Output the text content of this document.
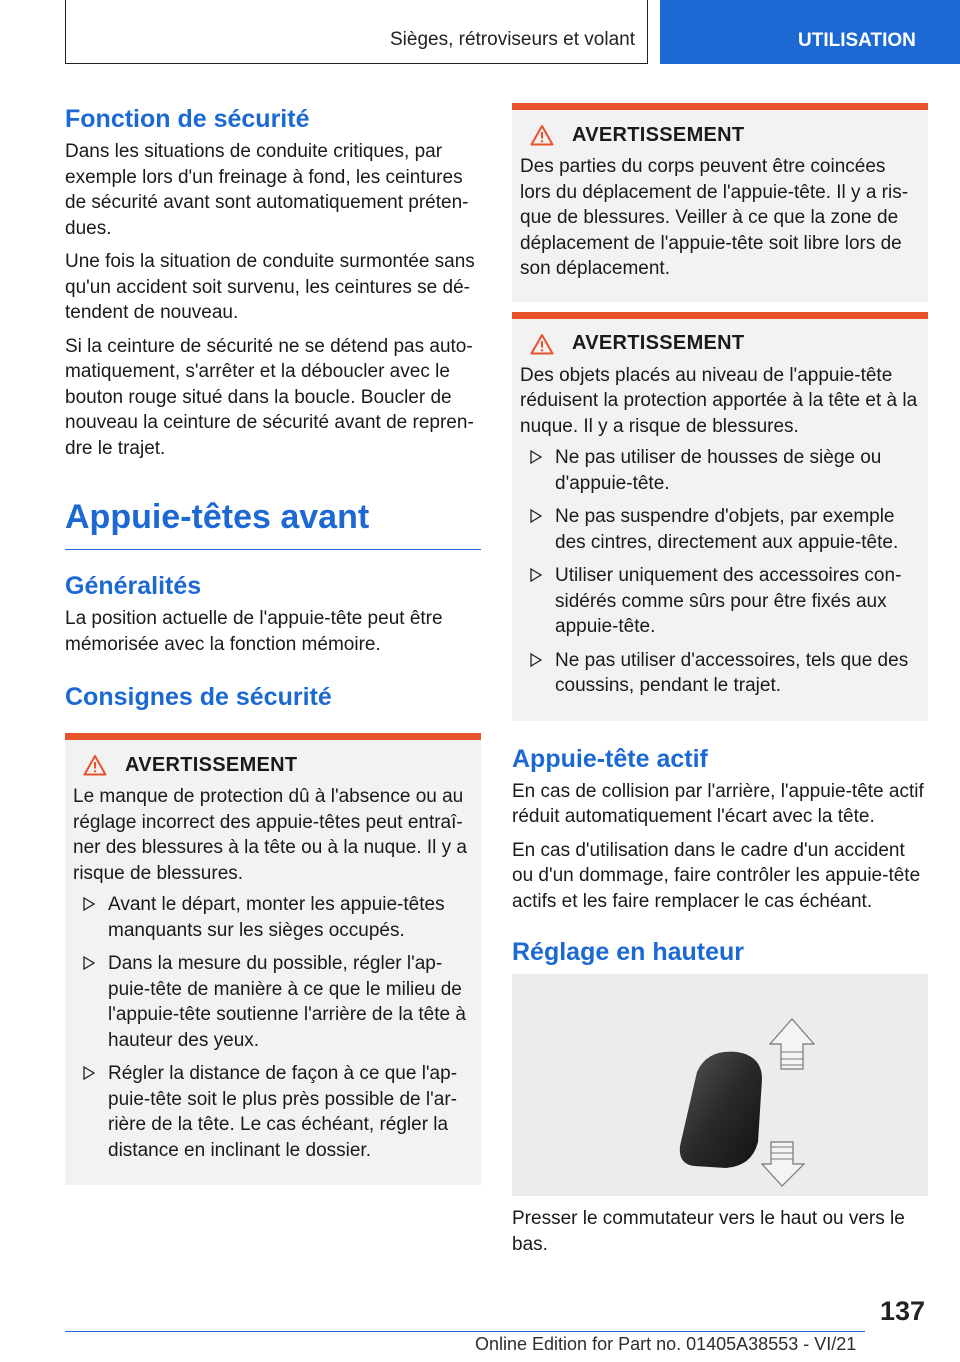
Sièges, rétroviseurs et volant	UTILISATION
Fonction de sécurité

Dans les situations de conduite critiques, par exemple lors d'un freinage à fond, les ceintures de sécurité avant sont automatiquement prétendues.

Une fois la situation de conduite surmontée sans qu'un accident soit survenu, les ceintures se détendent de nouveau.

Si la ceinture de sécurité ne se détend pas automatiquement, s'arrêter et la déboucler avec le bouton rouge situé dans la boucle. Boucler de nouveau la ceinture de sécurité avant de reprendre le trajet.

Appuie-têtes avant
Généralités

La position actuelle de l'appuie-tête peut être mémorisée avec la fonction mémoire.

Consignes de sécurité
AVERTISSEMENT

Le manque de protection dû à l'absence ou au réglage incorrect des appuie-têtes peut entraîner des blessures à la tête ou à la nuque. Il y a risque de blessures.

Avant le départ, monter les appuie-têtes manquants sur les sièges occupés.
Dans la mesure du possible, régler l'appuie-tête de manière à ce que le milieu de l'appuie-tête soutienne l'arrière de la tête à hauteur des yeux.
Régler la distance de façon à ce que l'appuie-tête soit le plus près possible de l'arrière de la tête. Le cas échéant, régler la distance en inclinant le dossier.
AVERTISSEMENT

Des parties du corps peuvent être coincées lors du déplacement de l'appuie-tête. Il y a risque de blessures. Veiller à ce que la zone de déplacement de l'appuie-tête soit libre lors de son déplacement.

AVERTISSEMENT

Des objets placés au niveau de l'appuie-tête réduisent la protection apportée à la tête et à la nuque. Il y a risque de blessures.

Ne pas utiliser de housses de siège ou d'appuie-tête.
Ne pas suspendre d'objets, par exemple des cintres, directement aux appuie-tête.
Utiliser uniquement des accessoires considérés comme sûrs pour être fixés aux appuie-tête.
Ne pas utiliser d'accessoires, tels que des coussins, pendant le trajet.
Appuie-tête actif

En cas de collision par l'arrière, l'appuie-tête actif réduit automatiquement l'écart avec la tête.

En cas d'utilisation dans le cadre d'un accident ou d'un dommage, faire contrôler les appuie-tête actifs et les faire remplacer le cas échéant.

Réglage en hauteur

Presser le commutateur vers le haut ou vers le bas.

137
Online Edition for Part no. 01405A38553 - VI/21
